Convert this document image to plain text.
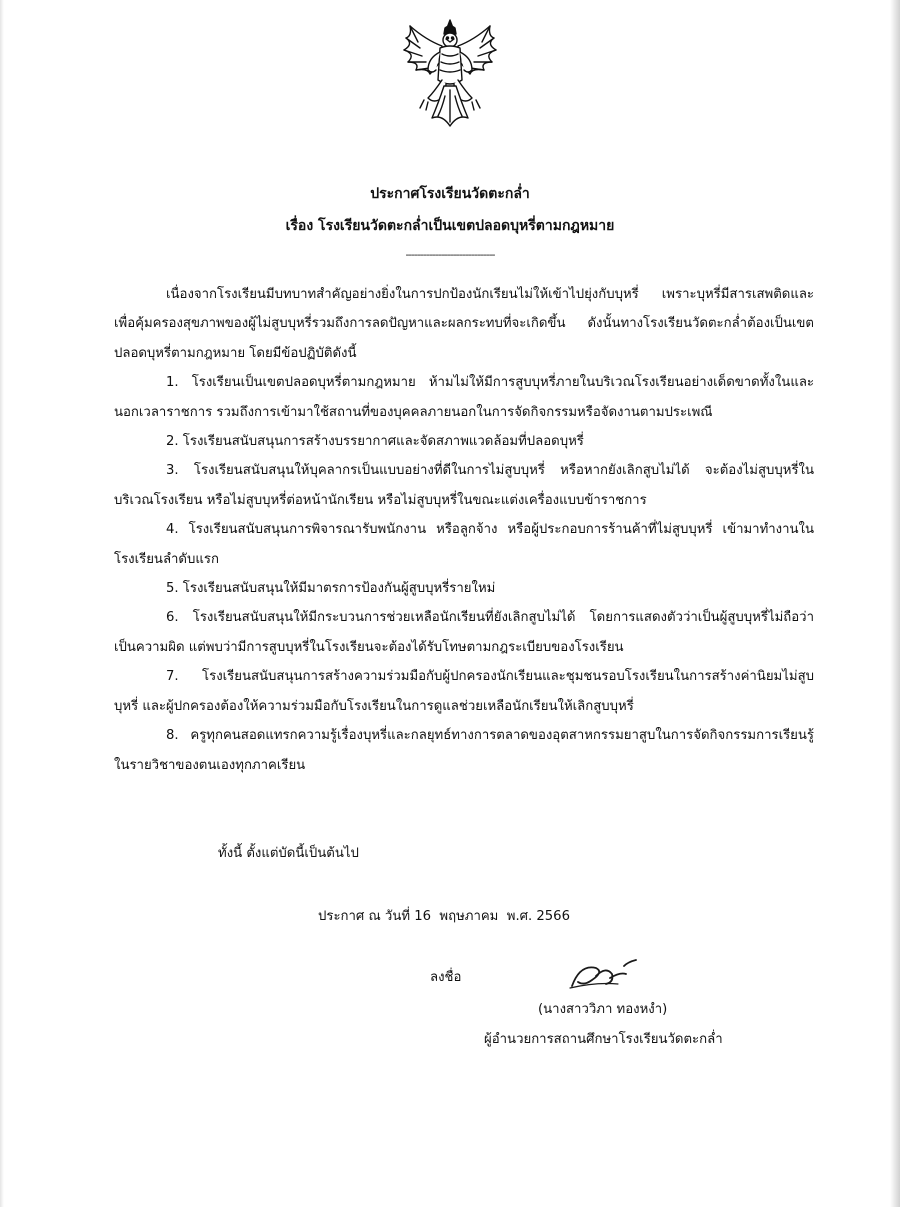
ประกาศโรงเรียนวัดตะกล่ำ
เรื่อง โรงเรียนวัดตะกล่ำเป็นเขตปลอดบุหรี่ตามกฎหมาย
------------------------------

เนื่องจากโรงเรียนมีบทบาทสำคัญอย่างยิ่งในการปกป้องนักเรียนไม่ให้เข้าไปยุ่งกับบุหรี่ เพราะบุหรี่มีสารเสพติดและเพื่อคุ้มครองสุขภาพของผู้ไม่สูบบุหรี่รวมถึงการลดปัญหาและผลกระทบที่จะเกิดขึ้น ดังนั้นทางโรงเรียนวัดตะกล่ำต้องเป็นเขตปลอดบุหรี่ตามกฎหมาย โดยมีข้อปฏิบัติดังนี้

1. โรงเรียนเป็นเขตปลอดบุหรี่ตามกฎหมาย ห้ามไม่ให้มีการสูบบุหรี่ภายในบริเวณโรงเรียนอย่างเด็ดขาดทั้งในและนอกเวลาราชการ รวมถึงการเข้ามาใช้สถานที่ของบุคคลภายนอกในการจัดกิจกรรมหรือจัดงานตามประเพณี

2. โรงเรียนสนับสนุนการสร้างบรรยากาศและจัดสภาพแวดล้อมที่ปลอดบุหรี่

3. โรงเรียนสนับสนุนให้บุคลากรเป็นแบบอย่างที่ดีในการไม่สูบบุหรี่ หรือหากยังเลิกสูบไม่ได้ จะต้องไม่สูบบุหรี่ในบริเวณโรงเรียน หรือไม่สูบบุหรี่ต่อหน้านักเรียน หรือไม่สูบบุหรี่ในขณะแต่งเครื่องแบบข้าราชการ

4. โรงเรียนสนับสนุนการพิจารณารับพนักงาน หรือลูกจ้าง หรือผู้ประกอบการร้านค้าที่ไม่สูบบุหรี่ เข้ามาทำงานในโรงเรียนลำดับแรก

5. โรงเรียนสนับสนุนให้มีมาตรการป้องกันผู้สูบบุหรี่รายใหม่

6. โรงเรียนสนับสนุนให้มีกระบวนการช่วยเหลือนักเรียนที่ยังเลิกสูบไม่ได้ โดยการแสดงตัวว่าเป็นผู้สูบบุหรี่ไม่ถือว่าเป็นความผิด แต่พบว่ามีการสูบบุหรี่ในโรงเรียนจะต้องได้รับโทษตามกฎระเบียบของโรงเรียน

7. โรงเรียนสนับสนุนการสร้างความร่วมมือกับผู้ปกครองนักเรียนและชุมชนรอบโรงเรียนในการสร้างค่านิยมไม่สูบบุหรี่ และผู้ปกครองต้องให้ความร่วมมือกับโรงเรียนในการดูแลช่วยเหลือนักเรียนให้เลิกสูบบุหรี่

8. ครูทุกคนสอดแทรกความรู้เรื่องบุหรี่และกลยุทธ์ทางการตลาดของอุตสาหกรรมยาสูบในการจัดกิจกรรมการเรียนรู้ในรายวิชาของตนเองทุกภาคเรียน

ทั้งนี้ ตั้งแต่บัดนี้เป็นต้นไป
ประกาศ ณ วันที่ 16  พฤษภาคม  พ.ศ. 2566
ลงชื่อ
(นางสาววิภา ทองหงำ)
ผู้อำนวยการสถานศึกษาโรงเรียนวัดตะกล่ำ
